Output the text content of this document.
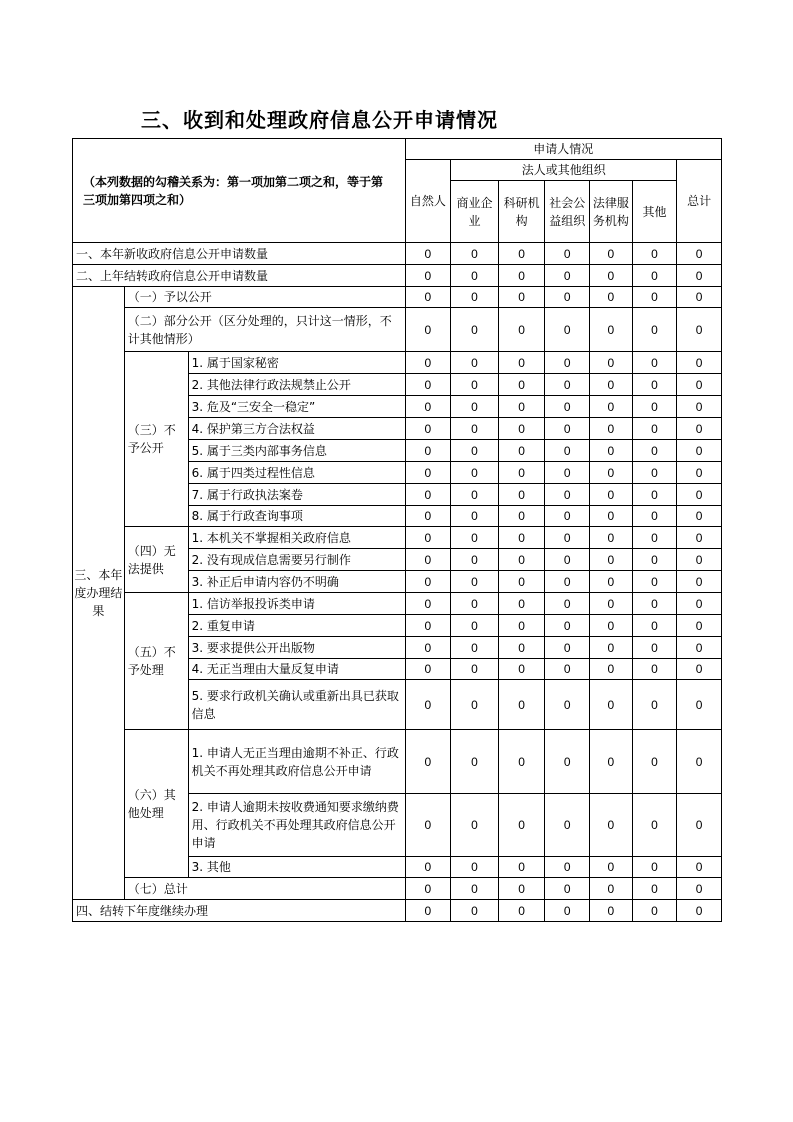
三、收到和处理政府信息公开申请情况
（本列数据的勾稽关系为：第一项加第二项之和，等于第三项加第四项之和）			申请人情况						
			自然人	法人或其他组织					总计
				商业企业	科研机构	社会公益组织	法律服务机构	其他	
一、本年新收政府信息公开申请数量			0	0	0	0	0	0	0
二、上年结转政府信息公开申请数量			0	0	0	0	0	0	0
三、本年度办理结果	（一）予以公开		0	0	0	0	0	0	0
	（二）部分公开（区分处理的，只计这一情形，不计其他情形）		0	0	0	0	0	0	0
	（三）不予公开	1. 属于国家秘密	0	0	0	0	0	0	0
		2. 其他法律行政法规禁止公开	0	0	0	0	0	0	0
		3. 危及“三安全一稳定”	0	0	0	0	0	0	0
		4. 保护第三方合法权益	0	0	0	0	0	0	0
		5. 属于三类内部事务信息	0	0	0	0	0	0	0
		6. 属于四类过程性信息	0	0	0	0	0	0	0
		7. 属于行政执法案卷	0	0	0	0	0	0	0
		8. 属于行政查询事项	0	0	0	0	0	0	0
	（四）无法提供	1. 本机关不掌握相关政府信息	0	0	0	0	0	0	0
		2. 没有现成信息需要另行制作	0	0	0	0	0	0	0
		3. 补正后申请内容仍不明确	0	0	0	0	0	0	0
	（五）不予处理	1. 信访举报投诉类申请	0	0	0	0	0	0	0
		2. 重复申请	0	0	0	0	0	0	0
		3. 要求提供公开出版物	0	0	0	0	0	0	0
		4. 无正当理由大量反复申请	0	0	0	0	0	0	0
		5. 要求行政机关确认或重新出具已获取信息	0	0	0	0	0	0	0
	（六）其他处理	1. 申请人无正当理由逾期不补正、行政机关不再处理其政府信息公开申请	0	0	0	0	0	0	0
		2. 申请人逾期未按收费通知要求缴纳费用、行政机关不再处理其政府信息公开申请	0	0	0	0	0	0	0
		3. 其他	0	0	0	0	0	0	0
	（七）总计		0	0	0	0	0	0	0
四、结转下年度继续办理			0	0	0	0	0	0	0
